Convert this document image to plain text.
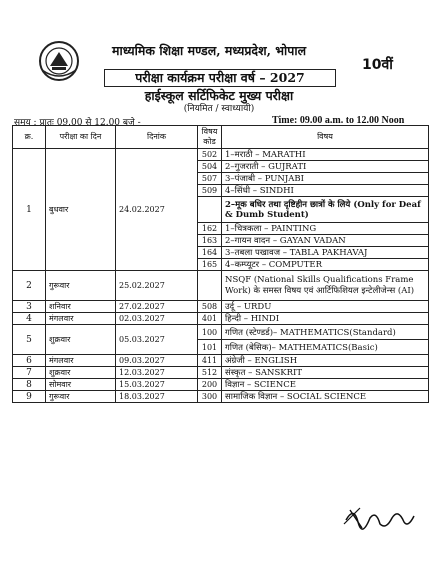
माध्यमिक शिक्षा मण्डल, मध्यप्रदेश, भोपाल
10वीं
परीक्षा कार्यक्रम परीक्षा वर्ष – 2027
हाईस्कूल सर्टिफिकेट मुख्य परीक्षा
(नियमित / स्वाध्यायी)
समय : प्रातः 09.00 से 12.00 बजे -	Time: 09.00 a.m. to 12.00 Noon
क्र.	परीक्षा का दिन	दिनांक	विषय कोड	विषय
1	बुधवार	24.02.2027	502	1–मराठी – MARATHI
			504	2–गुजराती – GUJRATI
			507	3–पंजाबी – PUNJABI
			509	4–सिंधी – SINDHI
				2–मूक बधिर तथा दृष्टिहीन छात्रों के लिये (Only for Deaf & Dumb Student)
			162	1–चित्रकला – PAINTING
			163	2–गायन वादन – GAYAN VADAN
			164	3–तबला पखावज – TABLA PAKHAVAJ
			165	4–कम्प्यूटर – COMPUTER
2	गुरूवार	25.02.2027		NSQF (National Skills Qualifications Frame Work) के समस्त विषय एवं आर्टिफिशियल इन्टेलीजेन्स (AI)
3	शनिवार	27.02.2027	508	उर्दू – URDU
4	मंगलवार	02.03.2027	401	हिन्दी – HINDI
5	शुक्रवार	05.03.2027	100	गणित (स्टेण्डर्ड)– MATHEMATICS(Standard)
			101	गणित (बेसिक)– MATHEMATICS(Basic)
6	मंगलवार	09.03.2027	411	अंग्रेजी – ENGLISH
7	शुक्रवार	12.03.2027	512	संस्कृत – SANSKRIT
8	सोमवार	15.03.2027	200	विज्ञान – SCIENCE
9	गुरूवार	18.03.2027	300	सामाजिक विज्ञान – SOCIAL SCIENCE
